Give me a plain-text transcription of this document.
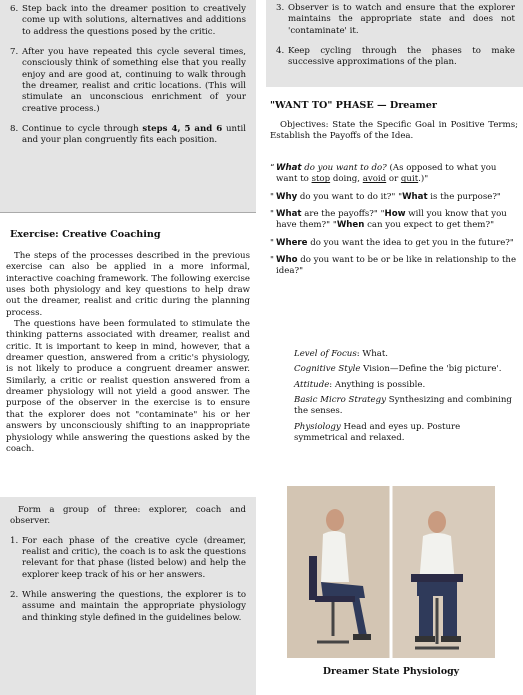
6. Step back into the dreamer position to creatively come up with solutions, alternatives and additions to address the questions posed by the critic.
7. After you have repeated this cycle several times, consciously think of something else that you really enjoy and are good at, continuing to walk through the dreamer, realist and critic locations. (This will stimulate an unconscious enrichment of your creative process.)
8. Continue to cycle through steps 4, 5 and 6 until and your plan congruently fits each position.
Exercise: Creative Coaching

The steps of the processes described in the previous exercise can also be applied in a more informal, interactive coaching framework. The following exercise uses both physiology and key questions to help draw out the dreamer, realist and critic during the planning process.

The questions have been formulated to stimulate the thinking patterns associated with dreamer, realist and critic. It is important to keep in mind, however, that a dreamer question, answered from a critic's physiology, is not likely to produce a congruent dreamer answer. Similarly, a critic or realist question answered from a dreamer physiology will not yield a good answer. The purpose of the observer in the exercise is to ensure that the explorer does not "contaminate" his or her answers by unconsciously shifting to an inappropriate physiology while answering the questions asked by the coach.

Form a group of three: explorer, coach and observer.

1. For each phase of the creative cycle (dreamer, realist and critic), the coach is to ask the questions relevant for that phase (listed below) and help the explorer keep track of his or her answers.
2. While answering the questions, the explorer is to assume and maintain the appropriate physiology and thinking style defined in the guidelines below.
3. Observer is to watch and ensure that the explorer maintains the appropriate state and does not 'contaminate' it.
4. Keep cycling through the phases to make successive approximations of the plan.
"WANT TO" PHASE — Dreamer

Objectives: State the Specific Goal in Positive Terms; Establish the Payoffs of the Idea.

“ What do you want to do? (As opposed to what you want to stop doing, avoid or quit.)"
" Why do you want to do it?" "What is the purpose?"
" What are the payoffs?" "How will you know that you have them?" "When can you expect to get them?"
" Where do you want the idea to get you in the future?"
" Who do you want to be or be like in relationship to the idea?"
Level of Focus: What.
Cognitive Style Vision—Define the 'big picture'.
Attitude: Anything is possible.
Basic Micro Strategy Synthesizing and combining the senses.
Physiology Head and eyes up. Posture symmetrical and relaxed.
Dreamer State Physiology
